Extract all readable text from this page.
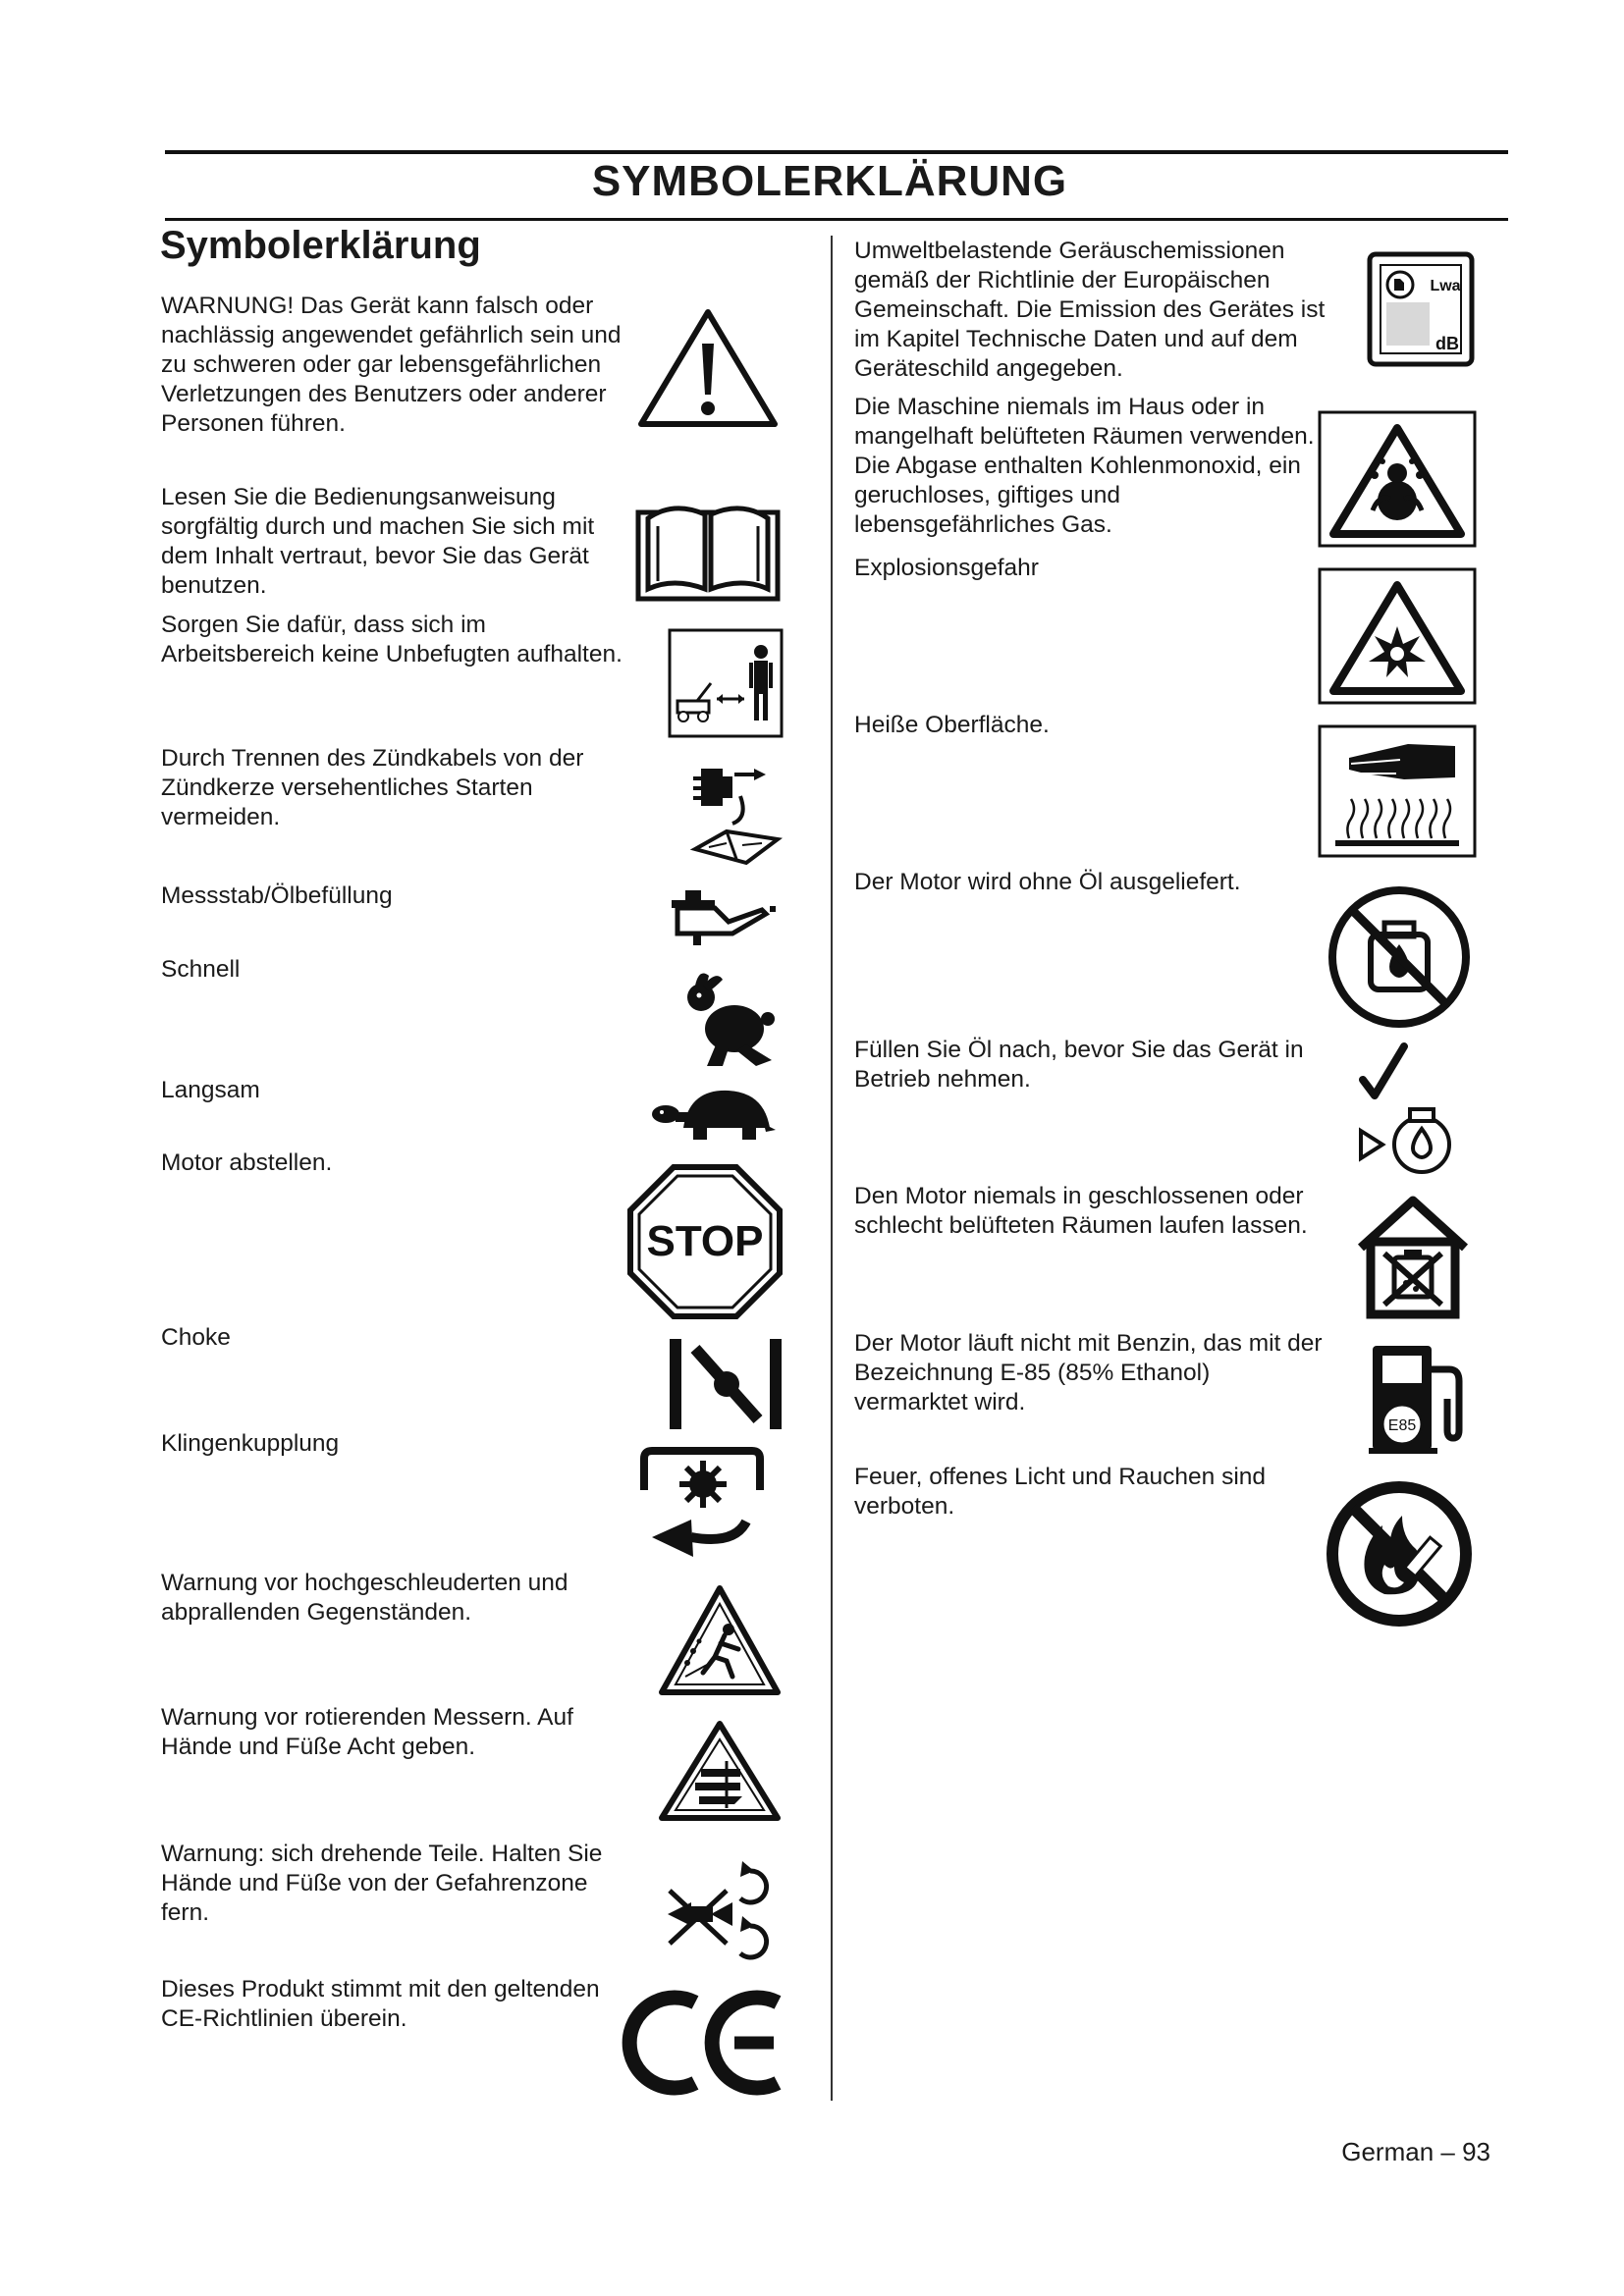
SYMBOLERKLÄRUNG
Symbolerklärung

WARNUNG! Das Gerät kann falsch oder nachlässig angewendet gefährlich sein und zu schweren oder gar lebensgefährlichen Verletzungen des Benutzers oder anderer Personen führen.

Lesen Sie die Bedienungsanweisung sorgfältig durch und machen Sie sich mit dem Inhalt vertraut, bevor Sie das Gerät benutzen.

Sorgen Sie dafür, dass sich im Arbeitsbereich keine Unbefugten aufhalten.

Durch Trennen des Zündkabels von der Zündkerze versehentliches Starten vermeiden.

Messstab/Ölbefüllung

Schnell

Langsam

Motor abstellen.

Choke

Klingenkupplung

Warnung vor hochgeschleuderten und abprallenden Gegenständen.

Warnung vor rotierenden Messern. Auf Hände und Füße Acht geben.

Warnung: sich drehende Teile. Halten Sie Hände und Füße von der Gefahrenzone fern.

Dieses Produkt stimmt mit den geltenden CE-Richtlinien überein.

Umweltbelastende Geräuschemissionen gemäß der Richtlinie der Europäischen Gemeinschaft. Die Emission des Gerätes ist im Kapitel Technische Daten und auf dem Geräteschild angegeben.

Die Maschine niemals im Haus oder in mangelhaft belüfteten Räumen verwenden. Die Abgase enthalten Kohlenmonoxid, ein geruchloses, giftiges und lebensgefährliches Gas.

Explosionsgefahr

Heiße Oberfläche.

Der Motor wird ohne Öl ausgeliefert.

Füllen Sie Öl nach, bevor Sie das Gerät in Betrieb nehmen.

Den Motor niemals in geschlossenen oder schlecht belüfteten Räumen laufen lassen.

Der Motor läuft nicht mit Benzin, das mit der Bezeichnung E-85 (85% Ethanol) vermarktet wird.

Feuer, offenes Licht und Rauchen sind verboten.

STOP
Lwa
dB
E85
German – 93
